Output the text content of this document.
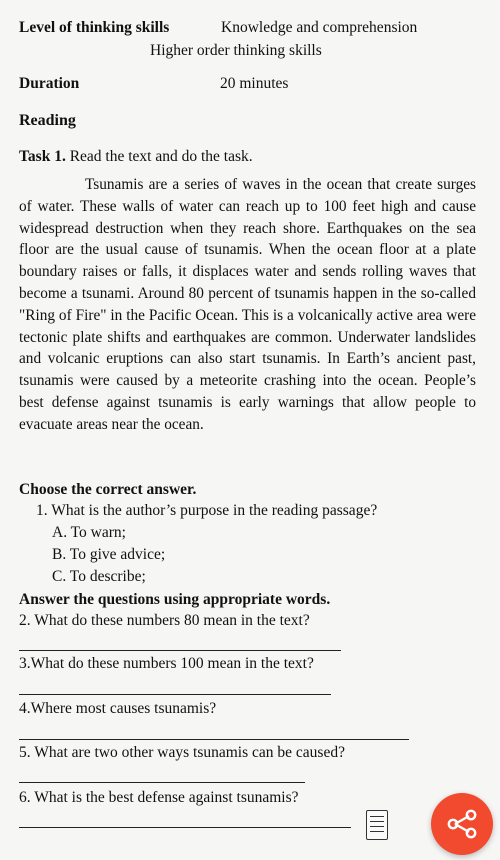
Level of thinking skills	Knowledge and comprehension
Higher order thinking skills
Duration	20 minutes
Reading
Task 1. Read the text and do the task.
Tsunamis are a series of waves in the ocean that create surges of water. These walls of water can reach up to 100 feet high and cause widespread destruction when they reach shore. Earthquakes on the sea floor are the usual cause of tsunamis. When the ocean floor at a plate boundary raises or falls, it displaces water and sends rolling waves that become a tsunami. Around 80 percent of tsunamis happen in the so-called "Ring of Fire" in the Pacific Ocean. This is a volcanically active area were tectonic plate shifts and earthquakes are common. Underwater landslides and volcanic eruptions can also start tsunamis. In Earth’s ancient past, tsunamis were caused by a meteorite crashing into the ocean. People’s best defense against tsunamis is early warnings that allow people to evacuate areas near the ocean.
Choose the correct answer.
1. What is the author’s purpose in the reading passage?
A. To warn;
B. To give advice;
C. To describe;
Answer the questions using appropriate words.
2. What do these numbers 80 mean in the text?
3.What do these numbers 100 mean in the text?
4.Where most causes tsunamis?
5. What are two other ways tsunamis can be caused?
6. What is the best defense against tsunamis?
